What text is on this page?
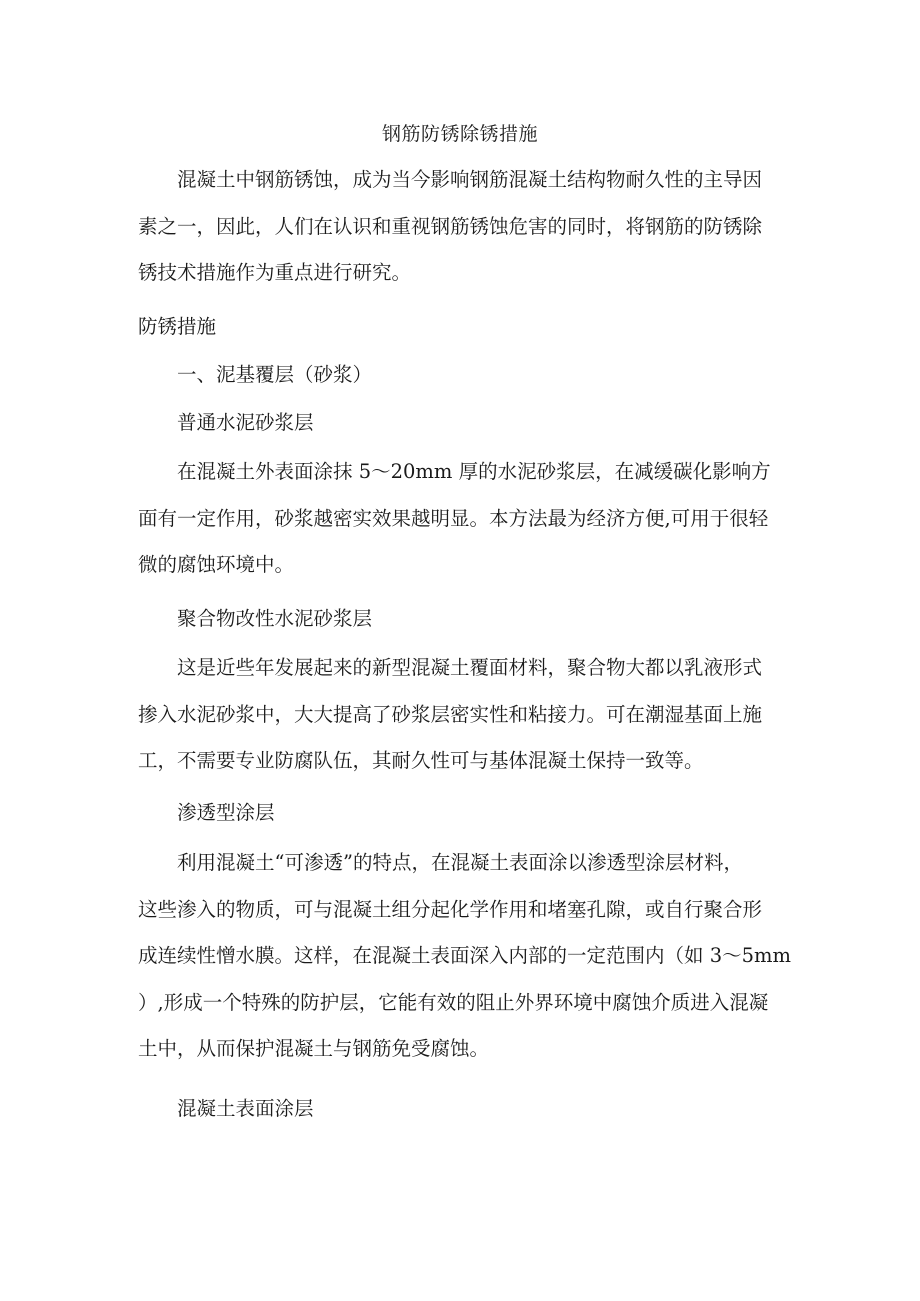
钢筋防锈除锈措施
混凝土中钢筋锈蚀，成为当今影响钢筋混凝土结构物耐久性的主导因
素之一，因此，人们在认识和重视钢筋锈蚀危害的同时，将钢筋的防锈除
锈技术措施作为重点进行研究。
防锈措施
一、泥基覆层（砂浆）
普通水泥砂浆层
在混凝土外表面涂抹 5～20mm 厚的水泥砂浆层，在减缓碳化影响方
面有一定作用，砂浆越密实效果越明显。本方法最为经济方便,可用于很轻
微的腐蚀环境中。
聚合物改性水泥砂浆层
这是近些年发展起来的新型混凝土覆面材料，聚合物大都以乳液形式
掺入水泥砂浆中，大大提高了砂浆层密实性和粘接力。可在潮湿基面上施
工，不需要专业防腐队伍，其耐久性可与基体混凝土保持一致等。
渗透型涂层
利用混凝土“可渗透”的特点，在混凝土表面涂以渗透型涂层材料，
这些渗入的物质，可与混凝土组分起化学作用和堵塞孔隙，或自行聚合形
成连续性憎水膜。这样，在混凝土表面深入内部的一定范围内（如 3～5mm
）,形成一个特殊的防护层，它能有效的阻止外界环境中腐蚀介质进入混凝
土中，从而保护混凝土与钢筋免受腐蚀。
混凝土表面涂层
